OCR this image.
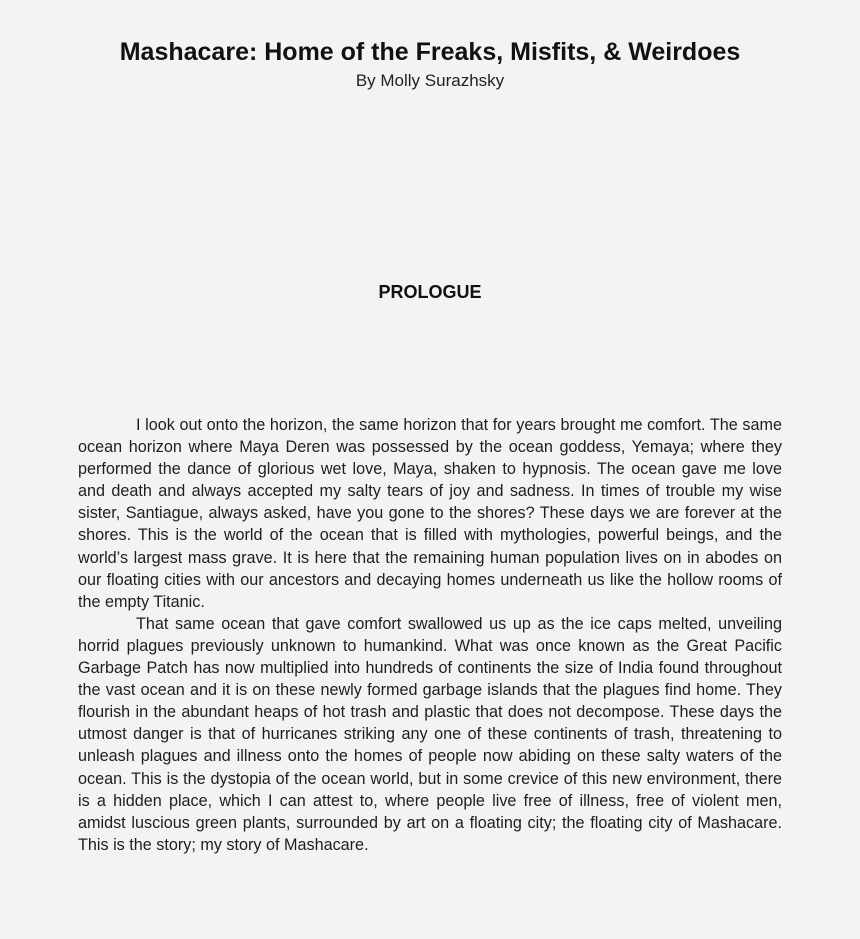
Mashacare: Home of the Freaks, Misfits, & Weirdoes
By Molly Surazhsky
PROLOGUE

I look out onto the horizon, the same horizon that for years brought me comfort. The same ocean horizon where Maya Deren was possessed by the ocean goddess, Yemaya; where they performed the dance of glorious wet love, Maya, shaken to hypnosis. The ocean gave me love and death and always accepted my salty tears of joy and sadness. In times of trouble my wise sister, Santiague, always asked, have you gone to the shores? These days we are forever at the shores. This is the world of the ocean that is filled with mythologies, powerful beings, and the world’s largest mass grave. It is here that the remaining human population lives on in abodes on our floating cities with our ancestors and decaying homes underneath us like the hollow rooms of the empty Titanic.

That same ocean that gave comfort swallowed us up as the ice caps melted, unveiling horrid plagues previously unknown to humankind. What was once known as the Great Pacific Garbage Patch has now multiplied into hundreds of continents the size of India found throughout the vast ocean and it is on these newly formed garbage islands that the plagues find home. They flourish in the abundant heaps of hot trash and plastic that does not decompose. These days the utmost danger is that of hurricanes striking any one of these continents of trash, threatening to unleash plagues and illness onto the homes of people now abiding on these salty waters of the ocean. This is the dystopia of the ocean world, but in some crevice of this new environment, there is a hidden place, which I can attest to, where people live free of illness, free of violent men, amidst luscious green plants, surrounded by art on a floating city; the floating city of Mashacare. This is the story; my story of Mashacare.
